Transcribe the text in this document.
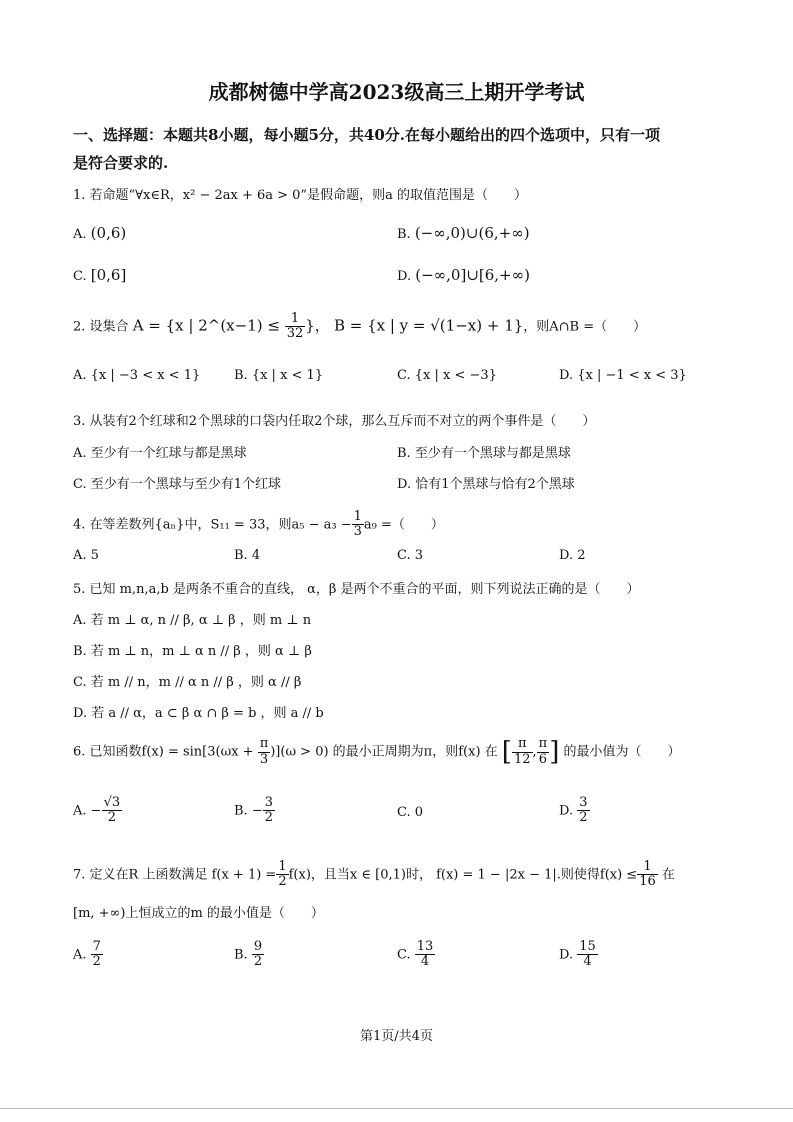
成都树德中学高2023级高三上期开学考试
一、选择题：本题共8小题，每小题5分，共40分.在每小题给出的四个选项中，只有一项
是符合要求的.
1. 若命题“∀x∈R，x² − 2ax + 6a > 0”是假命题，则a 的取值范围是（　　）
A. (0,6)	B. (−∞,0)∪(6,+∞)
C. [0,6]	D. (−∞,0]∪[6,+∞)
2. 设集合 A = {x | 2^(x−1) ≤ $\frac{1}{32}$ }， B = {x | y = √(1−x) + 1}，则A∩B =（　　）
A. {x | −3 < x < 1}	B. {x | x < 1}	C. {x | x < −3}	D. {x | −1 < x < 3}
3. 从装有2个红球和2个黑球的口袋内任取2个球，那么互斥而不对立的两个事件是（　　）
A. 至少有一个红球与都是黑球	B. 至少有一个黑球与都是黑球
C. 至少有一个黑球与至少有1个红球	D. 恰有1个黑球与恰有2个黑球
4. 在等差数列{aₙ}中，S₁₁ = 33，则$a_5 - a_3 - \frac{1}{3} a_9$ =（　　）
A. 5	B. 4	C. 3	D. 2
5. 已知 m,n,a,b 是两条不重合的直线， α，β 是两个不重合的平面，则下列说法正确的是（　　）
A. 若 m ⊥ α, n // β, α ⊥ β ，则 m ⊥ n
B. 若 m ⊥ n，m ⊥ α n // β ，则 α ⊥ β
C. 若 m // n，m // α n // β ，则 α // β
D. 若 a // α，a ⊂ β α ∩ β = b ，则 a // b
6. 已知函数$f(x) = \sin[3(\omega x + \frac{\pi}{3} )](\omega > 0)$ 的最小正周期为π，则f(x) 在 [ $\frac{\pi}{12}$ , $\frac{\pi}{6}$ ] 的最小值为（　　）
A. − $\frac{√3}{2}$	B. − $\frac{3}{2}$	C. 0	D. $\frac{3}{2}$
7. 定义在R 上函数满足 $f(x + 1) = \frac{1}{2} f(x)$，且当x ∈ [0,1)时， f(x) = 1 − |2x − 1|.则使得$f(x) \le \frac{1}{16}$ 在
[m, +∞)上恒成立的m 的最小值是（　　）
A. $\frac{7}{2}$	B. $\frac{9}{2}$	C. $\frac{13}{4}$	D. $\frac{15}{4}$
第1页/共4页
